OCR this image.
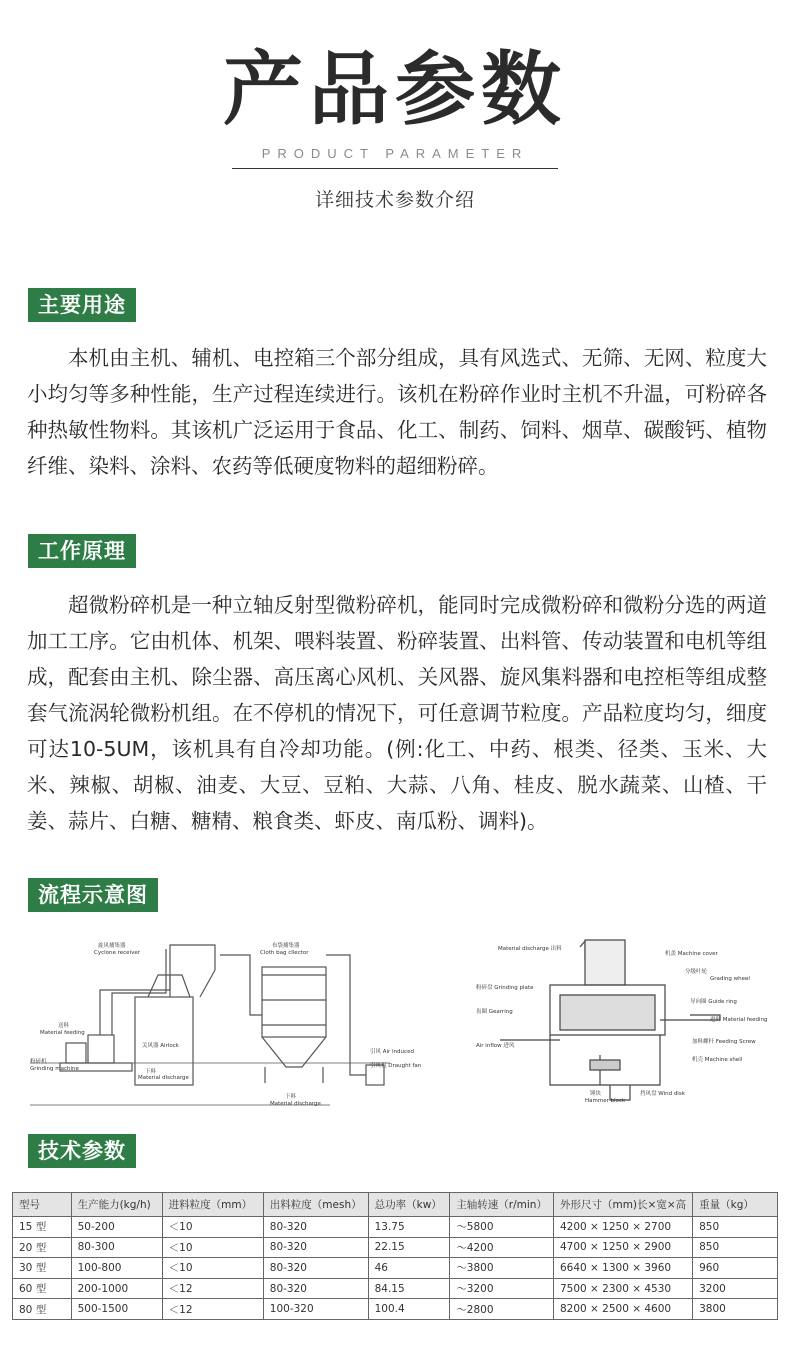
产品参数
PRODUCT PARAMETER
详细技术参数介绍
主要用途

本机由主机、辅机、电控箱三个部分组成，具有风选式、无筛、无网、粒度大小均匀等多种性能，生产过程连续进行。该机在粉碎作业时主机不升温，可粉碎各种热敏性物料。其该机广泛运用于食品、化工、制药、饲料、烟草、碳酸钙、植物纤维、染料、涂料、农药等低硬度物料的超细粉碎。

工作原理

超微粉碎机是一种立轴反射型微粉碎机，能同时完成微粉碎和微粉分选的两道加工工序。它由机体、机架、喂料装置、粉碎装置、出料管、传动装置和电机等组成，配套由主机、除尘器、高压离心风机、关风器、旋风集料器和电控柜等组成整套气流涡轮微粉机组。在不停机的情况下，可任意调节粒度。产品粒度均匀，细度可达10-5UM，该机具有自冷却功能。(例:化工、中药、根类、径类、玉米、大米、辣椒、胡椒、油麦、大豆、豆粕、大蒜、八角、桂皮、脱水蔬菜、山楂、干姜、蒜片、白糖、糖精、粮食类、虾皮、南瓜粉、调料)。

流程示意图
旋风捕集器
Cyclone receiver
布袋捕集器
Cloth bag cllector
送料
Material feeding
粉碎机
Grinding machine
关风器 Airlock
下料
Material discharge
下料
Material discharge
引风 Air induced
引风机 Draught fan
Material discharge 出料
机盖 Machine cover
分级叶轮
Grading wheel
导向圈 Guide ring
粉碎盘 Grinding plate
齿圈 Gearring
进料 Material feeding
Air inflow 进风
加料螺杆 Feeding Screw
机壳 Machine shell
锤块
Hammer block
挡风盘 Wind disk
技术参数
型号	生产能力(kg/h)	进料粒度（mm）	出料粒度（mesh）	总功率（kw）	主轴转速（r/min）	外形尺寸（mm)长×宽×高	重量（kg）
15 型	50-200	＜10	80-320	13.75	～5800	4200 × 1250 × 2700	850
20 型	80-300	＜10	80-320	22.15	～4200	4700 × 1250 × 2900	850
30 型	100-800	＜10	80-320	46	～3800	6640 × 1300 × 3960	960
60 型	200-1000	＜12	80-320	84.15	～3200	7500 × 2300 × 4530	3200
80 型	500-1500	＜12	100-320	100.4	～2800	8200 × 2500 × 4600	3800
